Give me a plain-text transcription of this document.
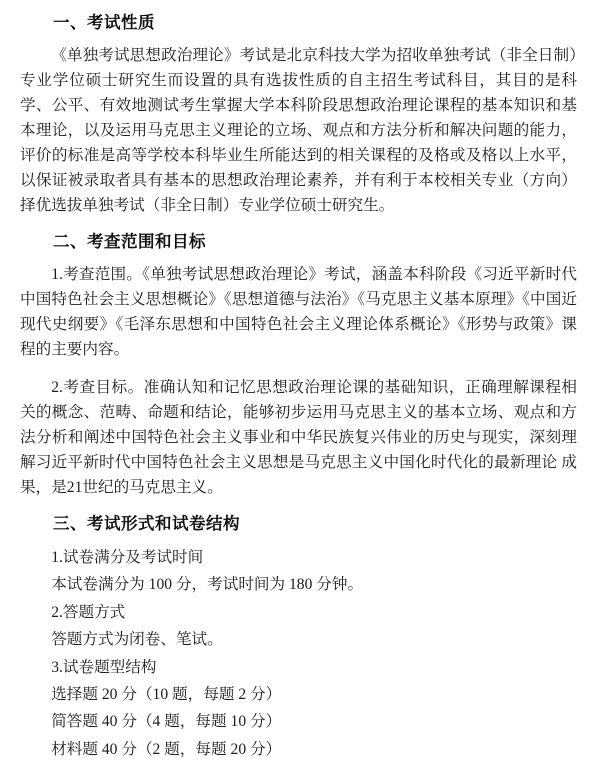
一、考试性质

《单独考试思想政治理论》考试是北京科技大学为招收单独考试（非全日制）专业学位硕士研究生而设置的具有选拔性质的自主招生考试科目，其目的是科学、公平、有效地测试考生掌握大学本科阶段思想政治理论课程的基本知识和基本理论，以及运用马克思主义理论的立场、观点和方法分析和解决问题的能力，评价的标准是高等学校本科毕业生所能达到的相关课程的及格或及格以上水平，以保证被录取者具有基本的思想政治理论素养，并有利于本校相关专业（方向）择优选拔单独考试（非全日制）专业学位硕士研究生。

二、考查范围和目标

1.考查范围。《单独考试思想政治理论》考试，涵盖本科阶段《习近平新时代中国特色社会主义思想概论》《思想道德与法治》《马克思主义基本原理》《中国近现代史纲要》《毛泽东思想和中国特色社会主义理论体系概论》《形势与政策》课程的主要内容。

2.考查目标。准确认知和记忆思想政治理论课的基础知识，正确理解课程相关的概念、范畴、命题和结论，能够初步运用马克思主义的基本立场、观点和方法分析和阐述中国特色社会主义事业和中华民族复兴伟业的历史与现实，深刻理解习近平新时代中国特色社会主义思想是马克思主义中国化时代化的最新理论 成果，是21世纪的马克思主义。

三、考试形式和试卷结构

1.试卷满分及考试时间

本试卷满分为 100 分，考试时间为 180 分钟。

2.答题方式

答题方式为闭卷、笔试。

3.试卷题型结构

选择题 20 分（10 题，每题 2 分）

简答题 40 分（4 题，每题 10 分）

材料题 40 分（2 题，每题 20 分）
